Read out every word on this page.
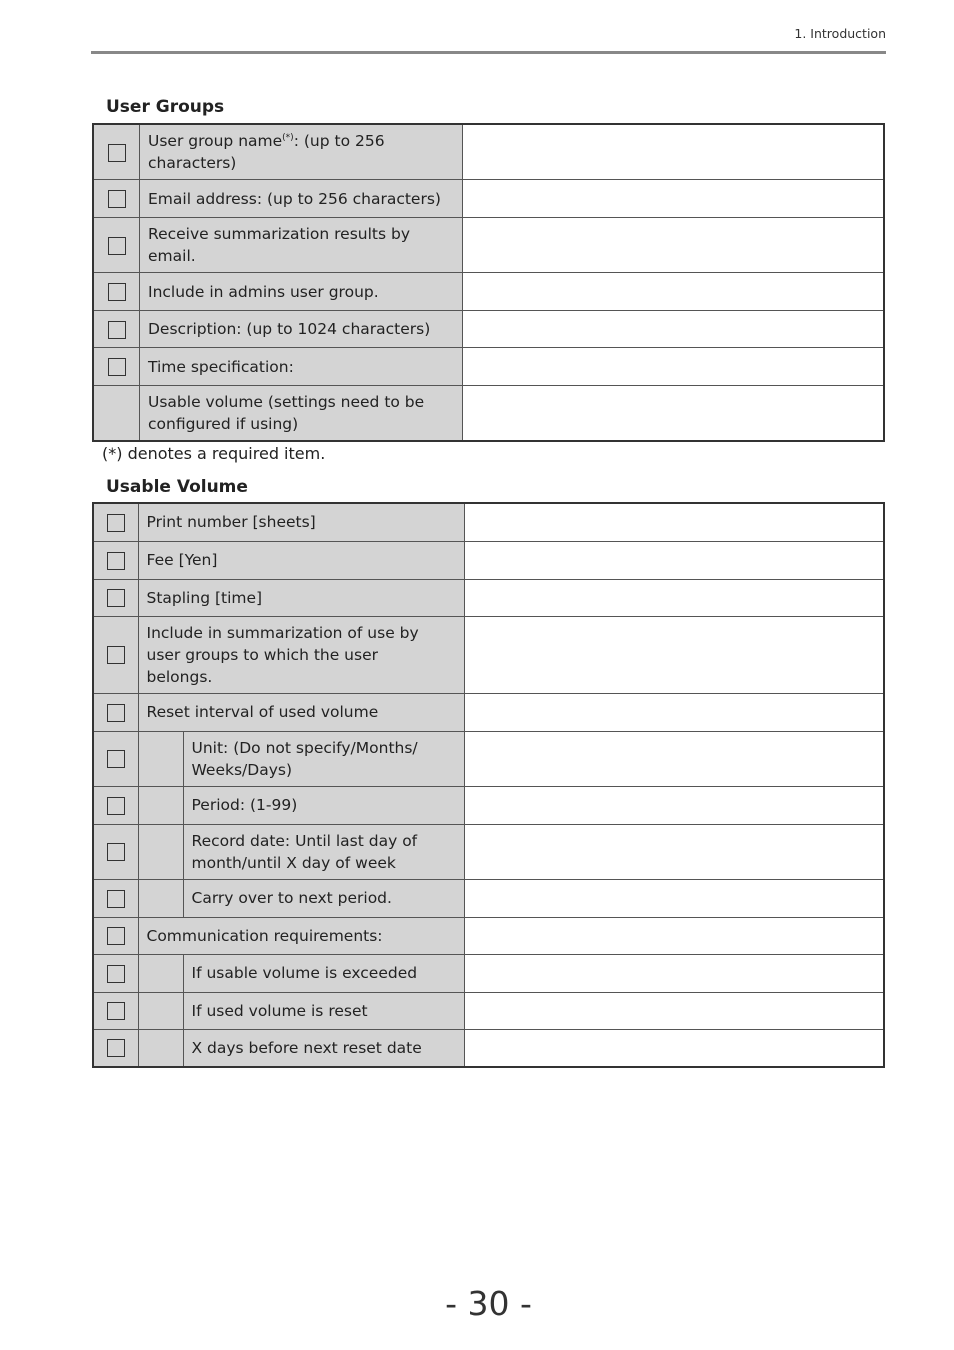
1. Introduction
User Groups
	User group name(*): (up to 256 characters)	
	Email address: (up to 256 characters)	
	Receive summarization results by email.	
	Include in admins user group.	
	Description: (up to 1024 characters)	
	Time specification:	
	Usable volume (settings need to be configured if using)	
(*) denotes a required item.
Usable Volume
	Print number [sheets]		
	Fee [Yen]		
	Stapling [time]		
	Include in summarization of use by user groups to which the user belongs.		
	Reset interval of used volume		
		Unit: (Do not specify/Months/ Weeks/Days)	
		Period: (1-99)	
		Record date: Until last day of month/until X day of week	
		Carry over to next period.	
	Communication requirements:		
		If usable volume is exceeded	
		If used volume is reset	
		X days before next reset date	
- 30 -
